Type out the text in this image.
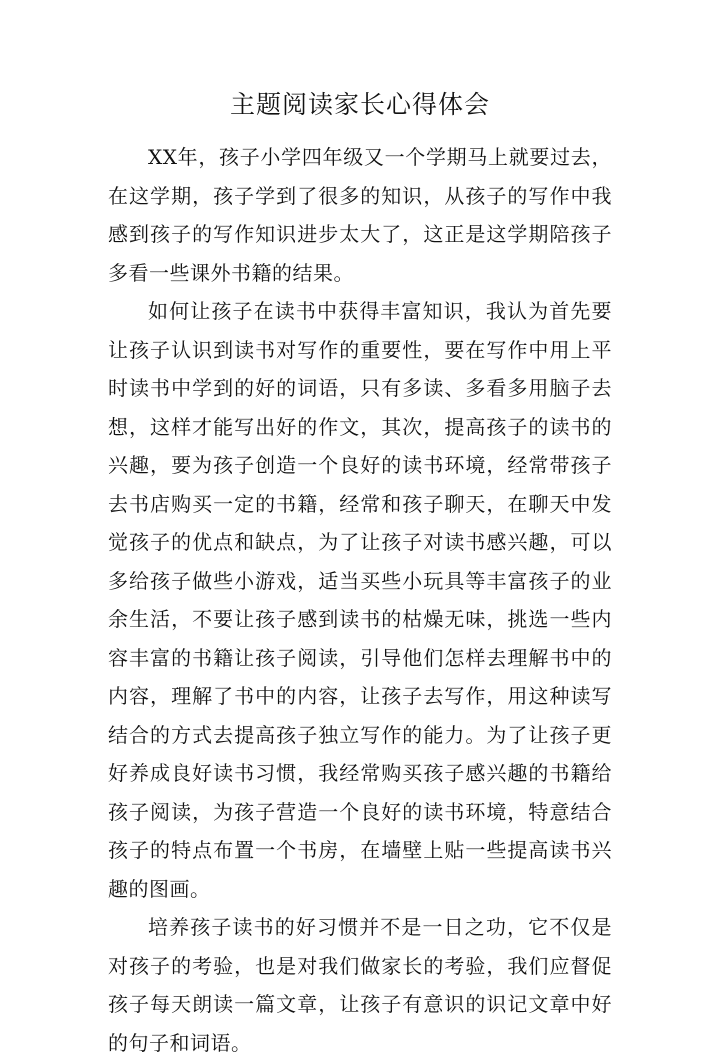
主题阅读家长心得体会

XX年，孩子小学四年级又一个学期马上就要过去，在这学期，孩子学到了很多的知识，从孩子的写作中我感到孩子的写作知识进步太大了，这正是这学期陪孩子多看一些课外书籍的结果。

如何让孩子在读书中获得丰富知识，我认为首先要让孩子认识到读书对写作的重要性，要在写作中用上平时读书中学到的好的词语，只有多读、多看多用脑子去想，这样才能写出好的作文，其次，提高孩子的读书的兴趣，要为孩子创造一个良好的读书环境，经常带孩子去书店购买一定的书籍，经常和孩子聊天，在聊天中发觉孩子的优点和缺点，为了让孩子对读书感兴趣，可以多给孩子做些小游戏，适当买些小玩具等丰富孩子的业余生活，不要让孩子感到读书的枯燥无味，挑选一些内容丰富的书籍让孩子阅读，引导他们怎样去理解书中的内容，理解了书中的内容，让孩子去写作，用这种读写结合的方式去提高孩子独立写作的能力。为了让孩子更好养成良好读书习惯，我经常购买孩子感兴趣的书籍给孩子阅读，为孩子营造一个良好的读书环境，特意结合孩子的特点布置一个书房，在墙壁上贴一些提高读书兴趣的图画。

培养孩子读书的好习惯并不是一日之功，它不仅是对孩子的考验，也是对我们做家长的考验，我们应督促孩子每天朗读一篇文章，让孩子有意识的识记文章中好的句子和词语。
